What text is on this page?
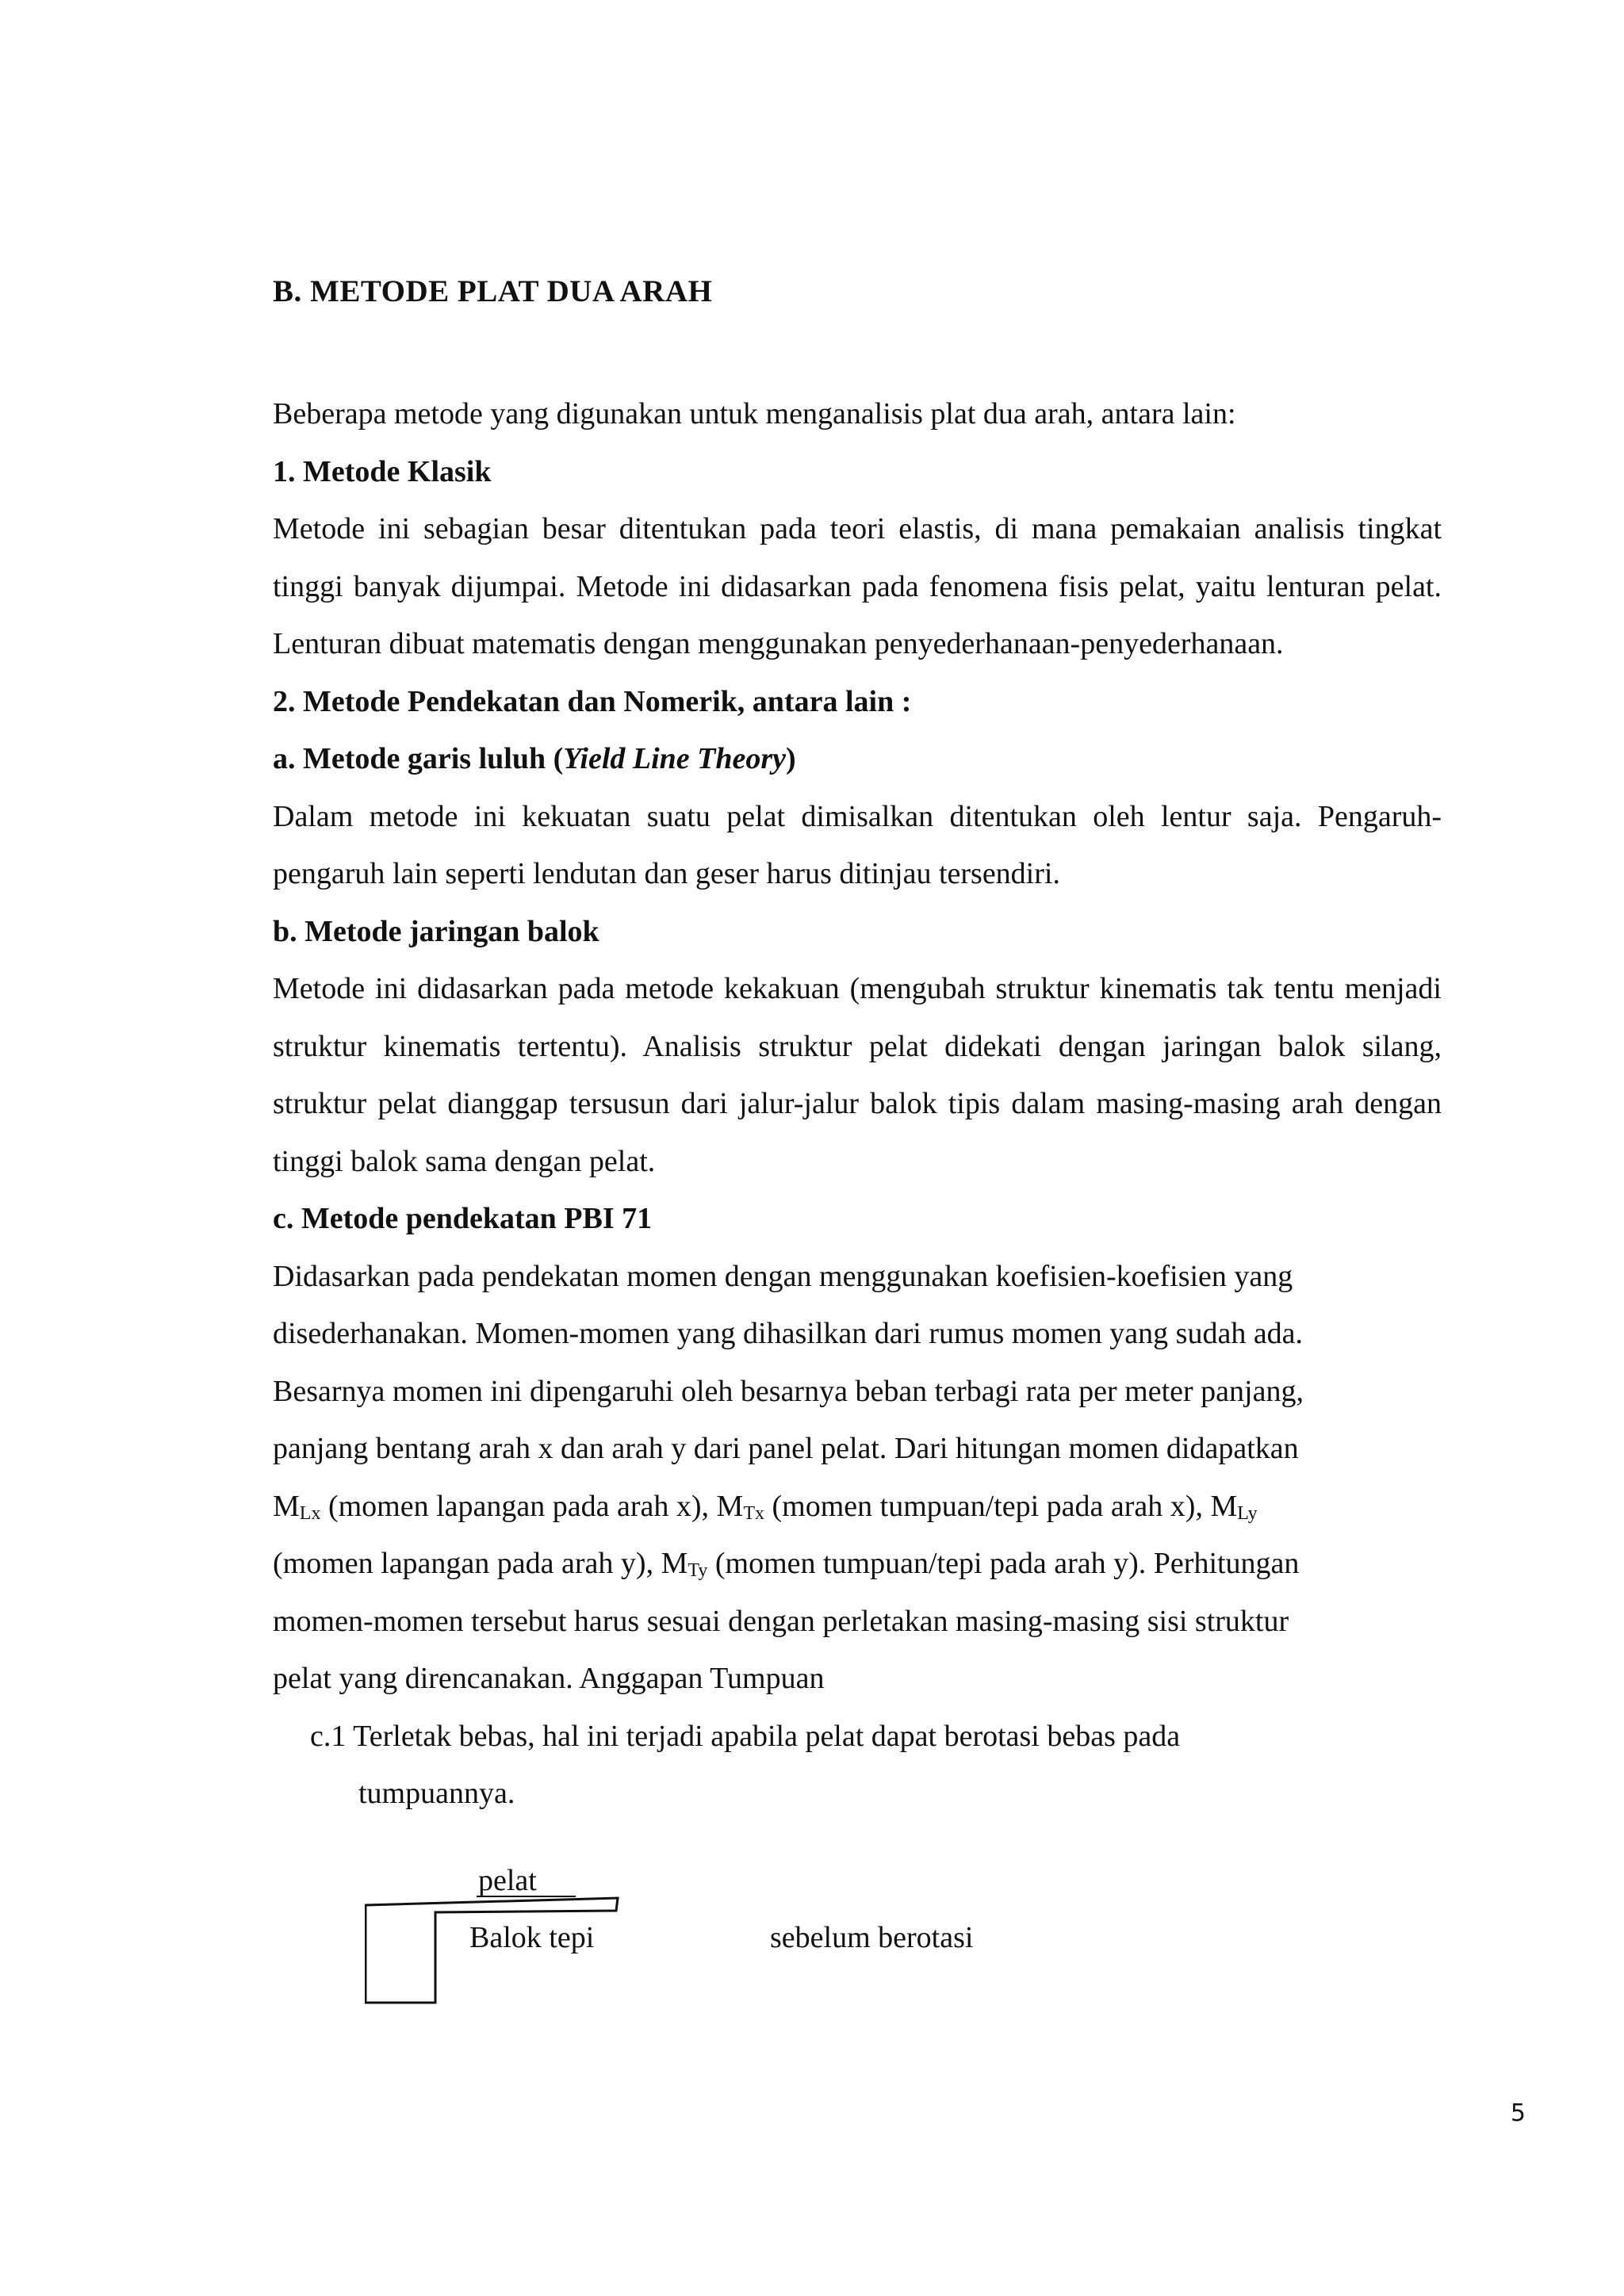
B. METODE PLAT DUA ARAH

Beberapa metode yang digunakan untuk menganalisis plat dua arah, antara lain:

1. Metode Klasik

Metode ini sebagian besar ditentukan pada teori elastis, di mana pemakaian analisis tingkat tinggi banyak dijumpai. Metode ini didasarkan pada fenomena fisis pelat, yaitu lenturan pelat. Lenturan dibuat matematis dengan menggunakan penyederhanaan-penyederhanaan.

2. Metode Pendekatan dan Nomerik, antara lain :

a. Metode garis luluh (Yield Line Theory)

Dalam metode ini kekuatan suatu pelat dimisalkan ditentukan oleh lentur saja. Pengaruh-pengaruh lain seperti lendutan dan geser harus ditinjau tersendiri.

b. Metode jaringan balok

Metode ini didasarkan pada metode kekakuan (mengubah struktur kinematis tak tentu menjadi struktur kinematis tertentu). Analisis struktur pelat didekati dengan jaringan balok silang, struktur pelat dianggap tersusun dari jalur-jalur balok tipis dalam masing-masing arah dengan tinggi balok sama dengan pelat.

c. Metode pendekatan PBI 71

Didasarkan pada pendekatan momen dengan menggunakan koefisien-koefisien yang

disederhanakan. Momen-momen yang dihasilkan dari rumus momen yang sudah ada.

Besarnya momen ini dipengaruhi oleh besarnya beban terbagi rata per meter panjang,

panjang bentang arah x dan arah y dari panel pelat. Dari hitungan momen didapatkan

MLx (momen lapangan pada arah x), MTx (momen tumpuan/tepi pada arah x), MLy

(momen lapangan pada arah y), MTy (momen tumpuan/tepi pada arah y). Perhitungan

momen-momen tersebut harus sesuai dengan perletakan masing-masing sisi struktur

pelat yang direncanakan. Anggapan Tumpuan

c.1 Terletak bebas, hal ini terjadi apabila pelat dapat berotasi bebas pada

tumpuannya.

pelat
Balok tepi	sebelum berotasi
5
